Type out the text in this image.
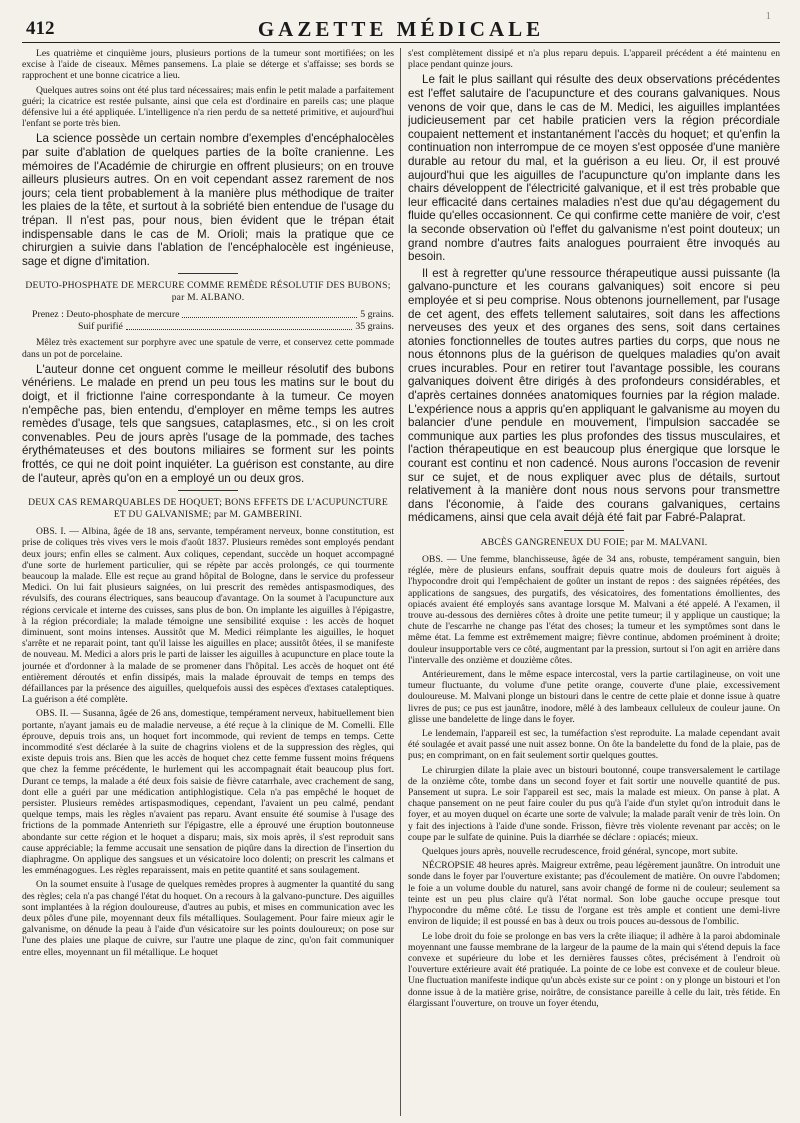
412	GAZETTE MÉDICALE
1

Les quatrième et cinquième jours, plusieurs portions de la tumeur sont mortifiées; on les excise à l'aide de ciseaux. Mêmes pansemens. La plaie se déterge et s'affaisse; ses bords se rapprochent et une bonne cicatrice a lieu.

Quelques autres soins ont été plus tard nécessaires; mais enfin le petit malade a parfaitement guéri; la cicatrice est restée pulsante, ainsi que cela est d'ordinaire en pareils cas; une plaque défensive lui a été appliquée. L'intelligence n'a rien perdu de sa netteté primitive, et aujourd'hui l'enfant se porte très bien.

La science possède un certain nombre d'exemples d'encéphalocèles par suite d'ablation de quelques parties de la boîte cranienne. Les mémoires de l'Académie de chirurgie en offrent plusieurs; on en trouve ailleurs plusieurs autres. On en voit cependant assez rarement de nos jours; cela tient probablement à la manière plus méthodique de traiter les plaies de la tête, et surtout à la sobriété bien entendue de l'usage du trépan. Il n'est pas, pour nous, bien évident que le trépan était indispensable dans le cas de M. Orioli; mais la pratique que ce chirurgien a suivie dans l'ablation de l'encéphalocèle est ingénieuse, sage et digne d'imitation.

DEUTO-PHOSPHATE DE MERCURE COMME REMÈDE RÉSOLUTIF DES BUBONS; par M. ALBANO.
Prenez :
Deuto-phosphate de mercure	5 grains.
Suif purifié	35 grains.

Mêlez très exactement sur porphyre avec une spatule de verre, et conservez cette pommade dans un pot de porcelaine.

L'auteur donne cet onguent comme le meilleur résolutif des bubons vénériens. Le malade en prend un peu tous les matins sur le bout du doigt, et il frictionne l'aine correspondante à la tumeur. Ce moyen n'empêche pas, bien entendu, d'employer en même temps les autres remèdes d'usage, tels que sangsues, cataplasmes, etc., si on les croit convenables. Peu de jours après l'usage de la pommade, des taches érythémateuses et des boutons miliaires se forment sur les points frottés, ce qui ne doit point inquiéter. La guérison est constante, au dire de l'auteur, après qu'on en a employé un ou deux gros.

DEUX CAS REMARQUABLES DE HOQUET; BONS EFFETS DE L'ACUPUNCTURE ET DU GALVANISME; par M. GAMBERINI.

OBS. I. — Albina, âgée de 18 ans, servante, tempérament nerveux, bonne constitution, est prise de coliques très vives vers le mois d'août 1837. Plusieurs remèdes sont employés pendant deux jours; enfin elles se calment. Aux coliques, cependant, succède un hoquet accompagné d'une sorte de hurlement particulier, qui se répète par accès prolongés, ce qui tourmente beaucoup la malade. Elle est reçue au grand hôpital de Bologne, dans le service du professeur Medici. On lui fait plusieurs saignées, on lui prescrit des remèdes antispasmodiques, des révulsifs, des courans électriques, sans beaucoup d'avantage. On la soumet à l'acupuncture aux régions cervicale et interne des cuisses, sans plus de bon. On implante les aiguilles à l'épigastre, à la région précordiale; la malade témoigne une sensibilité exquise : les accès de hoquet diminuent, sont moins intenses. Aussitôt que M. Medici réimplante les aiguilles, le hoquet s'arrête et ne reparait point, tant qu'il laisse les aiguilles en place; aussitôt ôtées, il se manifeste de nouveau. M. Medici a alors pris le parti de laisser les aiguilles à acupuncture en place toute la journée et d'ordonner à la malade de se promener dans l'hôpital. Les accès de hoquet ont été entièrement déroutés et enfin dissipés, mais la malade éprouvait de temps en temps des défaillances par la présence des aiguilles, quelquefois aussi des espèces d'extases cataleptiques. La guérison a été complète.

OBS. II. — Susanna, âgée de 26 ans, domestique, tempérament nerveux, habituellement bien portante, n'ayant jamais eu de maladie nerveuse, a été reçue à la clinique de M. Comelli. Elle éprouve, depuis trois ans, un hoquet fort incommode, qui revient de temps en temps. Cette incommodité s'est déclarée à la suite de chagrins violens et de la suppression des règles, qui existe depuis trois ans. Bien que les accès de hoquet chez cette femme fussent moins fréquens que chez la femme précédente, le hurlement qui les accompagnait était beaucoup plus fort. Durant ce temps, la malade a été deux fois saisie de fièvre catarrhale, avec crachement de sang, dont elle a guéri par une médication antiphlogistique. Cela n'a pas empêché le hoquet de persister. Plusieurs remèdes artispasmodiques, cependant, l'avaient un peu calmé, pendant quelque temps, mais les règles n'avaient pas reparu. Avant ensuite été soumise à l'usage des frictions de la pommade Antenrieth sur l'épigastre, elle a éprouvé une éruption boutonneuse abondante sur cette région et le hoquet a disparu; mais, six mois après, il s'est reproduit sans cause appréciable; la femme accusait une sensation de piqûre dans la direction de l'insertion du diaphragme. On applique des sangsues et un vésicatoire loco dolenti; on prescrit les calmans et les emménagogues. Les règles reparaissent, mais en petite quantité et sans soulagement.

On la soumet ensuite à l'usage de quelques remèdes propres à augmenter la quantité du sang des règles; cela n'a pas changé l'état du hoquet. On a recours à la galvano-puncture. Des aiguilles sont implantées à la région douloureuse, d'autres au pubis, et mises en communication avec les deux pôles d'une pile, moyennant deux fils métalliques. Soulagement. Pour faire mieux agir le galvanisme, on dénude la peau à l'aide d'un vésicatoire sur les points douloureux; on pose sur l'une des plaies une plaque de cuivre, sur l'autre une plaque de zinc, qu'on fait communiquer entre elles, moyennant un fil métallique. Le hoquet

s'est complètement dissipé et n'a plus reparu depuis. L'appareil précédent a été maintenu en place pendant quinze jours.

Le fait le plus saillant qui résulte des deux observations précédentes est l'effet salutaire de l'acupuncture et des courans galvaniques. Nous venons de voir que, dans le cas de M. Medici, les aiguilles implantées judicieusement par cet habile praticien vers la région précordiale coupaient nettement et instantanément l'accès du hoquet; et qu'enfin la continuation non interrompue de ce moyen s'est opposée d'une manière durable au retour du mal, et la guérison a eu lieu. Or, il est prouvé aujourd'hui que les aiguilles de l'acupuncture qu'on implante dans les chairs développent de l'électricité galvanique, et il est très probable que leur efficacité dans certaines maladies n'est due qu'au dégagement du fluide qu'elles occasionnent. Ce qui confirme cette manière de voir, c'est la seconde observation où l'effet du galvanisme n'est point douteux; un grand nombre d'autres faits analogues pourraient être invoqués au besoin.

Il est à regretter qu'une ressource thérapeutique aussi puissante (la galvano-puncture et les courans galvaniques) soit encore si peu employée et si peu comprise. Nous obtenons journellement, par l'usage de cet agent, des effets tellement salutaires, soit dans les affections nerveuses des yeux et des organes des sens, soit dans certaines atonies fonctionnelles de toutes autres parties du corps, que nous ne nous étonnons plus de la guérison de quelques maladies qu'on avait crues incurables. Pour en retirer tout l'avantage possible, les courans galvaniques doivent être dirigés à des profondeurs considérables, et d'après certaines données anatomiques fournies par la région malade. L'expérience nous a appris qu'en appliquant le galvanisme au moyen du balancier d'une pendule en mouvement, l'impulsion saccadée se communique aux parties les plus profondes des tissus musculaires, et l'action thérapeutique en est beaucoup plus énergique que lorsque le courant est continu et non cadencé. Nous aurons l'occasion de revenir sur ce sujet, et de nous expliquer avec plus de détails, surtout relativement à la manière dont nous nous servons pour transmettre dans l'économie, à l'aide des courans galvaniques, certains médicamens, ainsi que cela avait déjà été fait par Fabré-Palaprat.

ABCÈS GANGRENEUX DU FOIE; par M. MALVANI.

OBS. — Une femme, blanchisseuse, âgée de 34 ans, robuste, tempérament sanguin, bien réglée, mère de plusieurs enfans, souffrait depuis quatre mois de douleurs fort aiguës à l'hypocondre droit qui l'empêchaient de goûter un instant de repos : des saignées répétées, des applications de sangsues, des purgatifs, des vésicatoires, des fomentations émollientes, des opiacés avaient été employés sans avantage lorsque M. Malvani a été appelé. A l'examen, il trouve au-dessous des dernières côtes à droite une petite tumeur; il y applique un caustique; la chute de l'escarrhe ne change pas l'état des choses; la tumeur et les symptômes sont dans le même état. La femme est extrêmement maigre; fièvre continue, abdomen proéminent à droite; douleur insupportable vers ce côté, augmentant par la pression, surtout si l'on agit en arrière dans l'intervalle des onzième et douzième côtes.

Antérieurement, dans le même espace intercostal, vers la partie cartilagineuse, on voit une tumeur fluctuante, du volume d'une petite orange, couverte d'une plaie, excessivement douloureuse. M. Malvani plonge un bistouri dans le centre de cette plaie et donne issue à quatre livres de pus; ce pus est jaunâtre, inodore, mêlé à des lambeaux celluleux de couleur jaune. On glisse une bandelette de linge dans le foyer.

Le lendemain, l'appareil est sec, la tuméfaction s'est reproduite. La malade cependant avait été soulagée et avait passé une nuit assez bonne. On ôte la bandelette du fond de la plaie, pas de pus; en comprimant, on en fait seulement sortir quelques gouttes.

Le chirurgien dilate la plaie avec un bistouri boutonné, coupe transversalement le cartilage de la onzième côte, tombe dans un second foyer et fait sortir une nouvelle quantité de pus. Pansement ut supra. Le soir l'appareil est sec, mais la malade est mieux. On panse à plat. A chaque pansement on ne peut faire couler du pus qu'à l'aide d'un stylet qu'on introduit dans le foyer, et au moyen duquel on écarte une sorte de valvule; la malade paraît venir de très loin. On y fait des injections à l'aide d'une sonde. Frisson, fièvre très violente revenant par accès; on le coupe par le sulfate de quinine. Puis la diarrhée se déclare : opiacés; mieux.

Quelques jours après, nouvelle recrudescence, froid général, syncope, mort subite.

NÉCROPSIE 48 heures après. Maigreur extrême, peau légèrement jaunâtre. On introduit une sonde dans le foyer par l'ouverture existante; pas d'écoulement de matière. On ouvre l'abdomen; le foie a un volume double du naturel, sans avoir changé de forme ni de couleur; seulement sa teinte est un peu plus claire qu'à l'état normal. Son lobe gauche occupe presque tout l'hypocondre du même côté. Le tissu de l'organe est très ample et contient une demi-livre environ de liquide; il est poussé en bas à deux ou trois pouces au-dessous de l'ombilic.

Le lobe droit du foie se prolonge en bas vers la crête iliaque; il adhère à la paroi abdominale moyennant une fausse membrane de la largeur de la paume de la main qui s'étend depuis la face convexe et supérieure du lobe et les dernières fausses côtes, précisément à l'endroit où l'ouverture extérieure avait été pratiquée. La pointe de ce lobe est convexe et de couleur bleue. Une fluctuation manifeste indique qu'un abcès existe sur ce point : on y plonge un bistouri et l'on donne issue à de la matière grise, noirâtre, de consistance pareille à celle du lait, très fétide. En élargissant l'ouverture, on trouve un foyer étendu,
